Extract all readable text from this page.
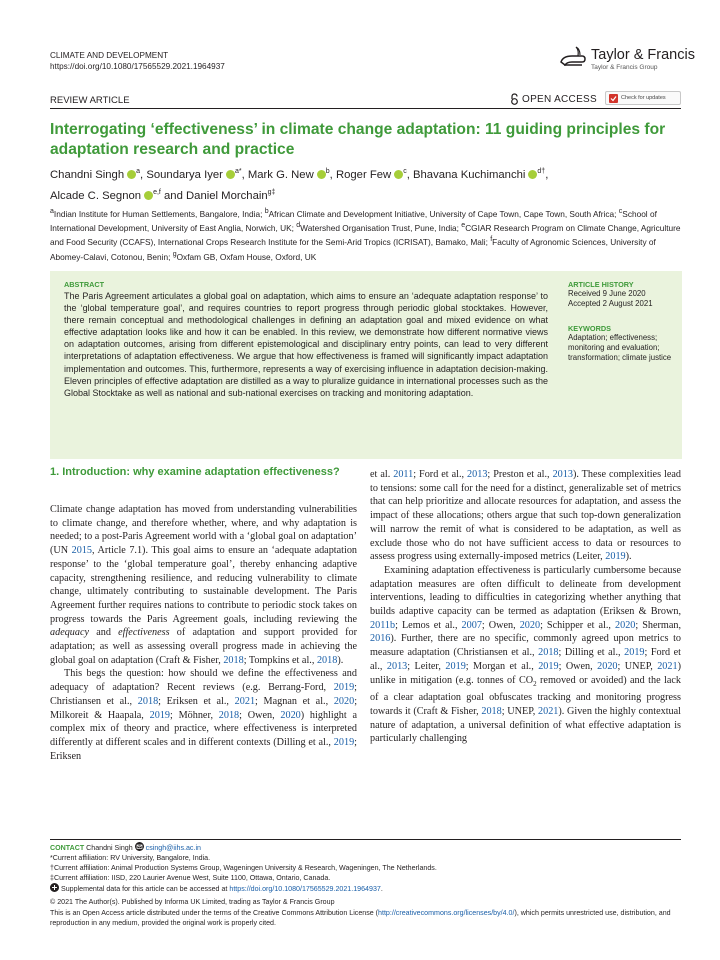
CLIMATE AND DEVELOPMENT
https://doi.org/10.1080/17565529.2021.1964937
Taylor & Francis
Taylor & Francis Group
REVIEW ARTICLE	OPEN ACCESS	Check for updates
Interrogating ‘effectiveness’ in climate change adaptation: 11 guiding principles for adaptation research and practice
Chandni Singh $^a$, Soundarya Iyer $^{a*}$, Mark G. New $^b$, Roger Few $^c$, Bhavana Kuchimanchi $^{d\dagger}$,
Alcade C. Segnon $^{e,f}$ and Daniel Morchain$^{g\ddagger}$
$^a$Indian Institute for Human Settlements, Bangalore, India; $^b$African Climate and Development Initiative, University of Cape Town, Cape Town, South Africa; $^c$School of International Development, University of East Anglia, Norwich, UK; $^d$Watershed Organisation Trust, Pune, India; $^e$CGIAR Research Program on Climate Change, Agriculture and Food Security (CCAFS), International Crops Research Institute for the Semi-Arid Tropics (ICRISAT), Bamako, Mali; $^f$Faculty of Agronomic Sciences, University of Abomey-Calavi, Cotonou, Benin; $^g$Oxfam GB, Oxfam House, Oxford, UK
ABSTRACT
The Paris Agreement articulates a global goal on adaptation, which aims to ensure an ‘adequate adaptation response’ to the ‘global temperature goal’, and requires countries to report progress through periodic global stocktakes. However, there remain conceptual and methodological challenges in defining an adaptation goal and mixed evidence on what effective adaptation looks like and how it can be enabled. In this review, we demonstrate how different normative views on adaptation outcomes, arising from different epistemological and disciplinary entry points, can lead to very different interpretations of adaptation effectiveness. We argue that how effectiveness is framed will significantly impact adaptation implementation and outcomes. This, furthermore, represents a way of exercising influence in adaptation decision-making. Eleven principles of effective adaptation are distilled as a way to pluralize guidance in international processes such as the Global Stocktake as well as national and sub-national exercises on tracking and monitoring adaptation.
ARTICLE HISTORY
Received 9 June 2020
Accepted 2 August 2021
KEYWORDS
Adaptation; effectiveness; monitoring and evaluation; transformation; climate justice
1. Introduction: why examine adaptation effectiveness?

Climate change adaptation has moved from understanding vulnerabilities to climate change, and therefore whether, where, and why adaptation is needed; to a post-Paris Agreement world with a ‘global goal on adaptation’ (UN 2015, Article 7.1). This goal aims to ensure an ‘adequate adaptation response’ to the ‘global temperature goal’, thereby enhancing adaptive capacity, strengthening resilience, and reducing vulnerability to climate change, ultimately contributing to sustainable development. The Paris Agreement further requires nations to contribute to periodic stock takes on progress towards the Paris Agreement goals, including reviewing the adequacy and effectiveness of adaptation and support provided for adaptation; as well as assessing overall progress made in achieving the global goal on adaptation (Craft & Fisher, 2018; Tompkins et al., 2018).

This begs the question: how should we define the effectiveness and adequacy of adaptation? Recent reviews (e.g. Berrang-Ford, 2019; Christiansen et al., 2018; Eriksen et al., 2021; Magnan et al., 2020; Milkoreit & Haapala, 2019; Möhner, 2018; Owen, 2020) highlight a complex mix of theory and practice, where effectiveness is interpreted differently at different scales and in different contexts (Dilling et al., 2019; Eriksen

et al. 2011; Ford et al., 2013; Preston et al., 2013). These complexities lead to tensions: some call for the need for a distinct, generalizable set of metrics that can help prioritize and allocate resources for adaptation, and assess the impact of these allocations; others argue that such top-down generalization will narrow the remit of what is considered to be adaptation, as well as exclude those who do not have sufficient access to data or resources to assess progress using externally-imposed metrics (Leiter, 2019).

Examining adaptation effectiveness is particularly cumbersome because adaptation measures are often difficult to delineate from development interventions, leading to difficulties in categorizing whether anything that builds adaptive capacity can be termed as adaptation (Eriksen & Brown, 2011b; Lemos et al., 2007; Owen, 2020; Schipper et al., 2020; Sherman, 2016). Further, there are no specific, commonly agreed upon metrics to measure adaptation (Christiansen et al., 2018; Dilling et al., 2019; Ford et al., 2013; Leiter, 2019; Morgan et al., 2019; Owen, 2020; UNEP, 2021) unlike in mitigation (e.g. tonnes of $CO_2$ removed or avoided) and the lack of a clear adaptation goal obfuscates tracking and monitoring progress towards it (Craft & Fisher, 2018; UNEP, 2021). Given the highly contextual nature of adaptation, a universal definition of what effective adaptation is particularly challenging

CONTACT Chandni Singh csingh@iihs.ac.in
*Current affiliation: RV University, Bangalore, India.
†Current affiliation: Animal Production Systems Group, Wageningen University & Research, Wageningen, The Netherlands.
‡Current affiliation: IISD, 220 Laurier Avenue West, Suite 1100, Ottawa, Ontario, Canada.
Supplemental data for this article can be accessed at https://doi.org/10.1080/17565529.2021.1964937.
© 2021 The Author(s). Published by Informa UK Limited, trading as Taylor & Francis Group
This is an Open Access article distributed under the terms of the Creative Commons Attribution License (http://creativecommons.org/licenses/by/4.0/), which permits unrestricted use, distribution, and reproduction in any medium, provided the original work is properly cited.
